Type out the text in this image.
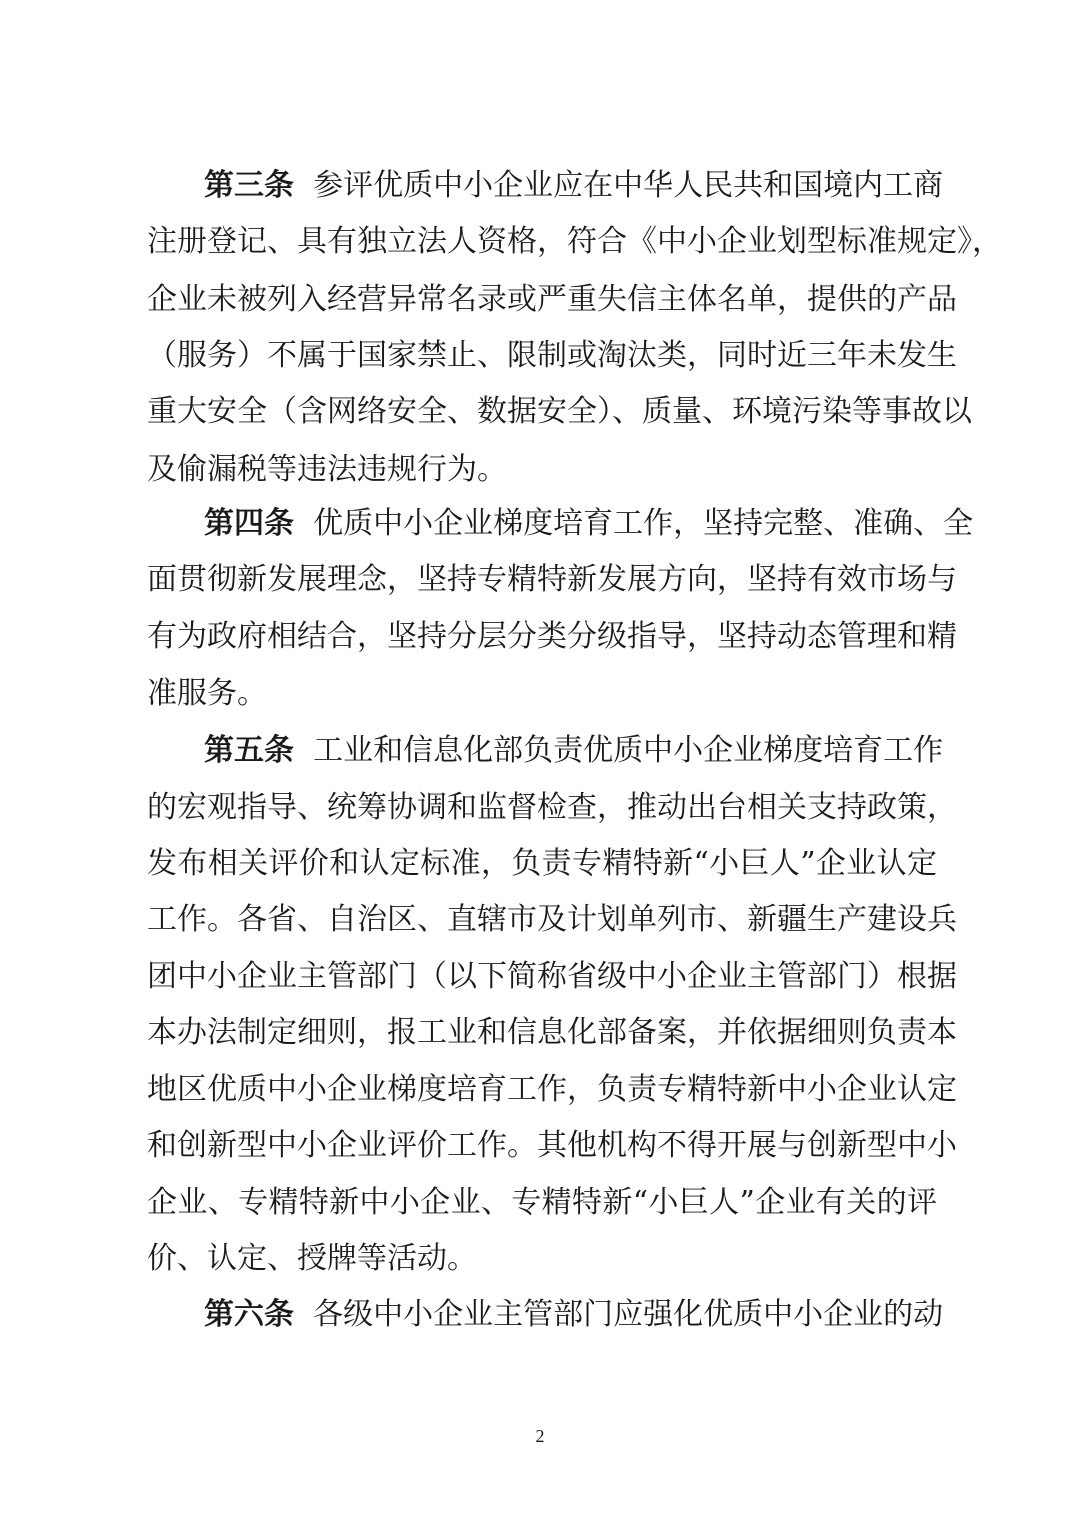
第三条 参评优质中小企业应在中华人民共和国境内工商
注册登记、具有独立法人资格，符合《中小企业划型标准规定》，
企业未被列入经营异常名录或严重失信主体名单，提供的产品
（服务）不属于国家禁止、限制或淘汰类，同时近三年未发生
重大安全（含网络安全、数据安全）、质量、环境污染等事故以
及偷漏税等违法违规行为。
第四条 优质中小企业梯度培育工作，坚持完整、准确、全
面贯彻新发展理念，坚持专精特新发展方向，坚持有效市场与
有为政府相结合，坚持分层分类分级指导，坚持动态管理和精
准服务。
第五条 工业和信息化部负责优质中小企业梯度培育工作
的宏观指导、统筹协调和监督检查，推动出台相关支持政策，
发布相关评价和认定标准，负责专精特新“小巨人”企业认定
工作。各省、自治区、直辖市及计划单列市、新疆生产建设兵
团中小企业主管部门（以下简称省级中小企业主管部门）根据
本办法制定细则，报工业和信息化部备案，并依据细则负责本
地区优质中小企业梯度培育工作，负责专精特新中小企业认定
和创新型中小企业评价工作。其他机构不得开展与创新型中小
企业、专精特新中小企业、专精特新“小巨人”企业有关的评
价、认定、授牌等活动。
第六条 各级中小企业主管部门应强化优质中小企业的动
2
